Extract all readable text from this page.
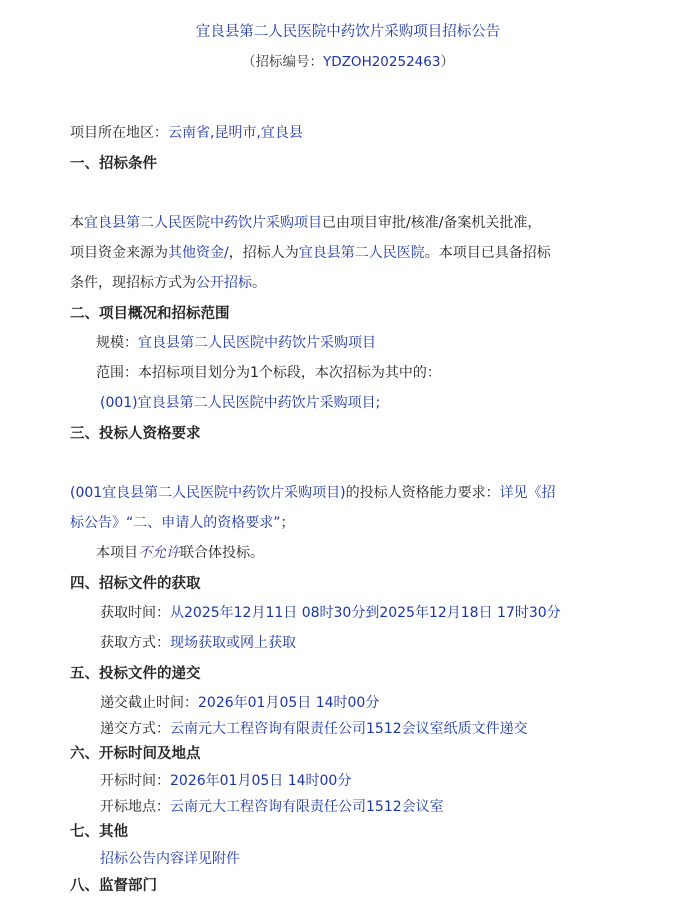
宜良县第二人民医院中药饮片采购项目招标公告
（招标编号：YDZOH20252463）
项目所在地区：云南省,昆明市,宜良县
一、招标条件
本宜良县第二人民医院中药饮片采购项目已由项目审批/核准/备案机关批准，
项目资金来源为其他资金/，招标人为宜良县第二人民医院。本项目已具备招标
条件，现招标方式为公开招标。
二、项目概况和招标范围
规模：宜良县第二人民医院中药饮片采购项目
范围：本招标项目划分为1个标段，本次招标为其中的：
(001)宜良县第二人民医院中药饮片采购项目;
三、投标人资格要求
(001宜良县第二人民医院中药饮片采购项目)的投标人资格能力要求：详见《招
标公告》“二、申请人的资格要求”；
本项目不允许联合体投标。
四、招标文件的获取
获取时间：从2025年12月11日 08时30分到2025年12月18日 17时30分
获取方式：现场获取或网上获取
五、投标文件的递交
递交截止时间：2026年01月05日 14时00分
递交方式：云南元大工程咨询有限责任公司1512会议室纸质文件递交
六、开标时间及地点
开标时间：2026年01月05日 14时00分
开标地点：云南元大工程咨询有限责任公司1512会议室
七、其他
招标公告内容详见附件
八、监督部门
